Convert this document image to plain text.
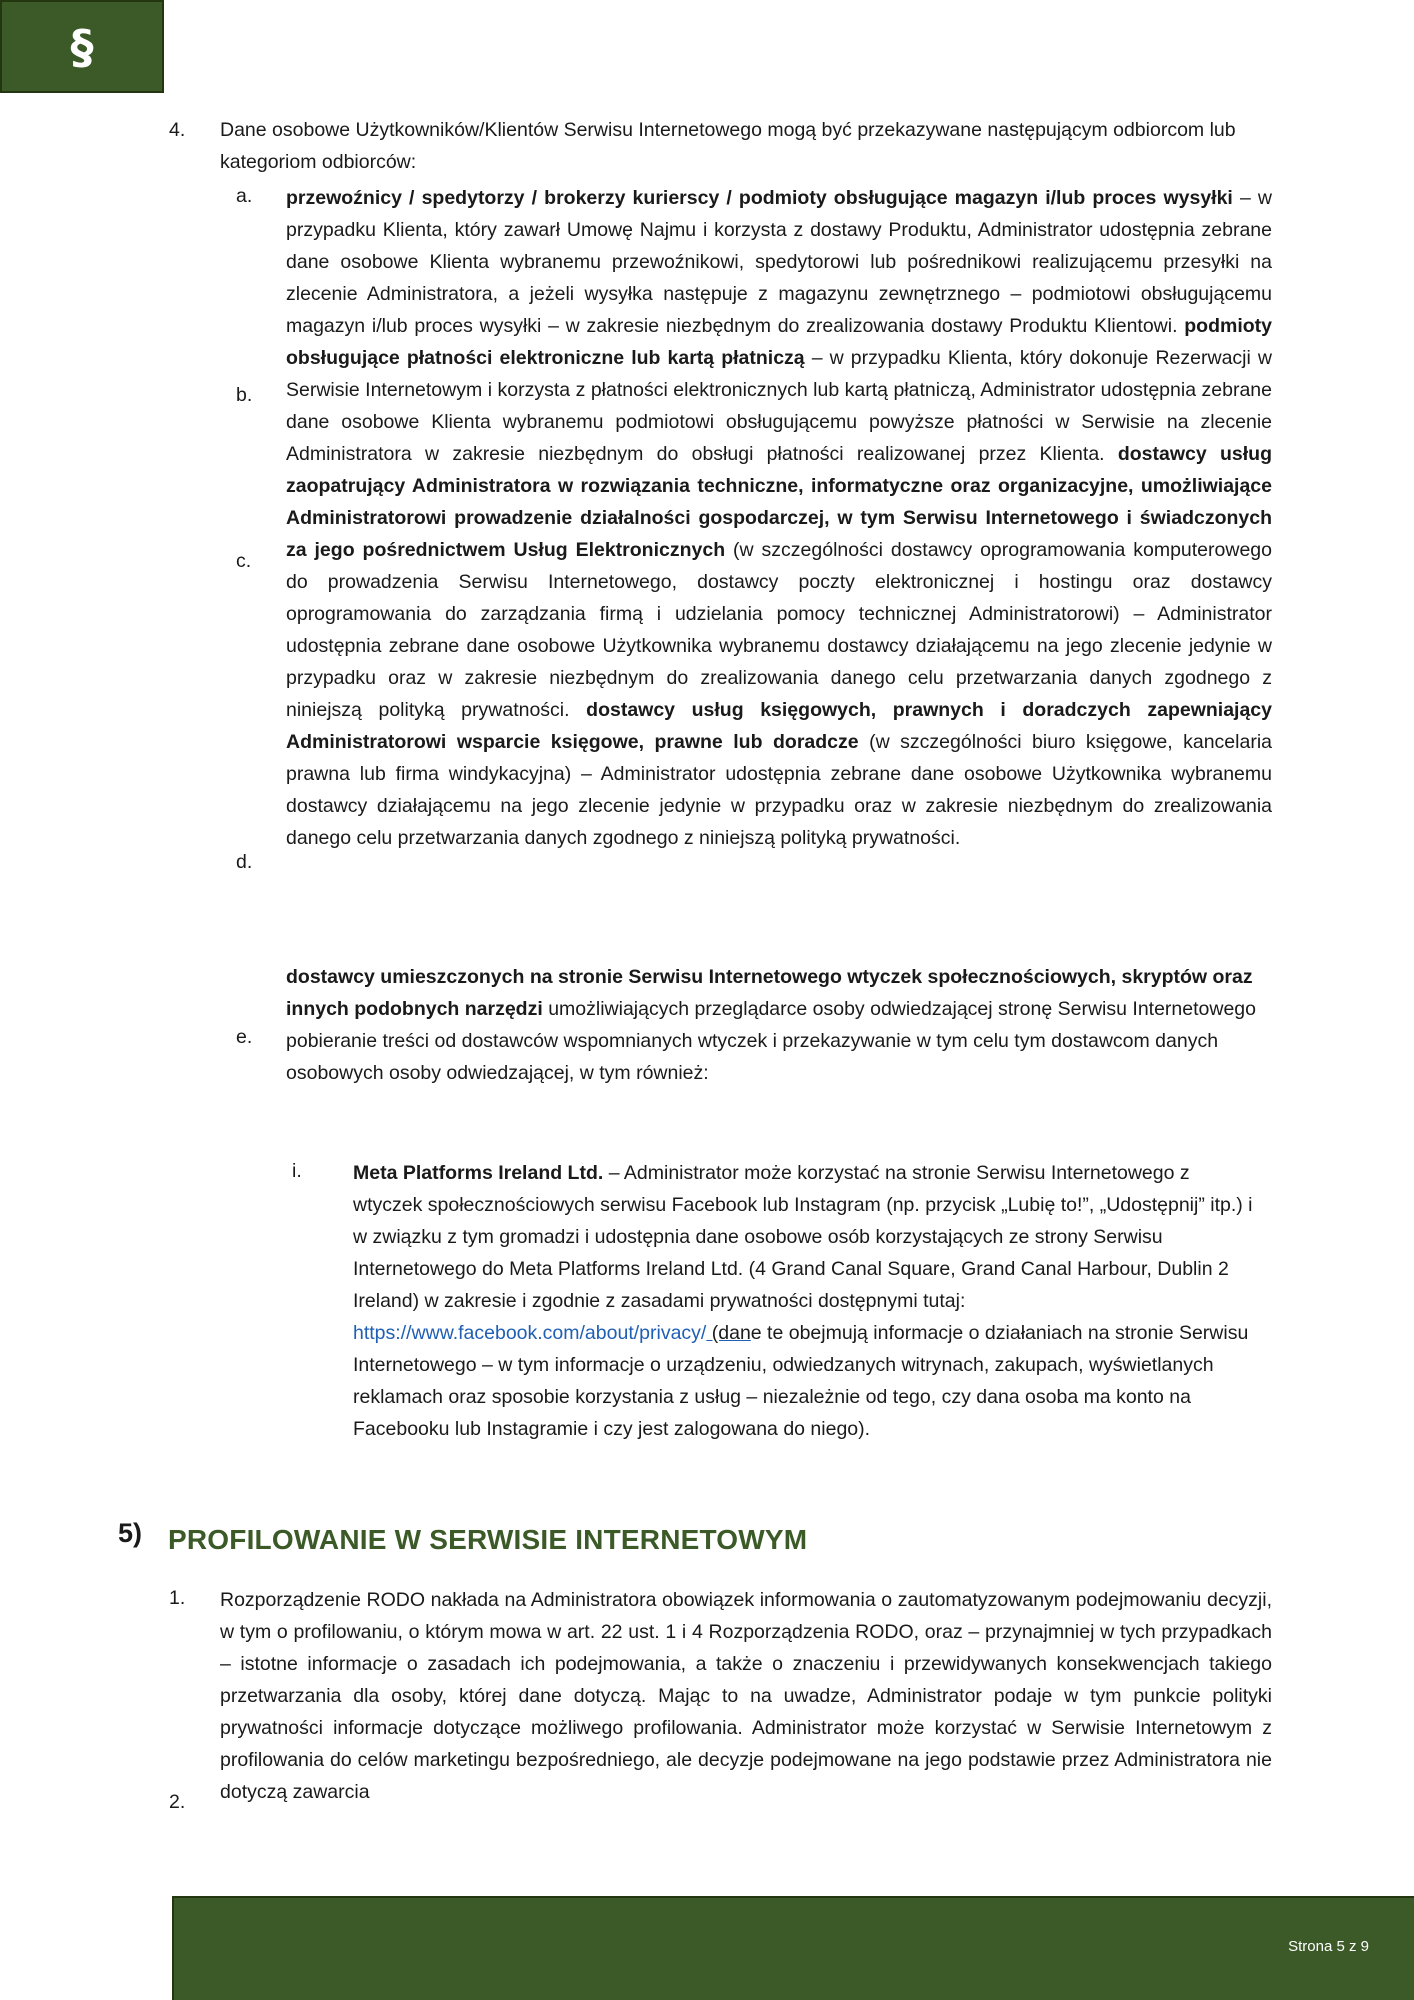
§
4. Dane osobowe Użytkowników/Klientów Serwisu Internetowego mogą być przekazywane następującym odbiorcom lub kategoriom odbiorców:
a.
b.
c.
d.
e.
przewoźnicy / spedytorzy / brokerzy kurierscy / podmioty obsługujące magazyn i/lub proces wysyłki – w przypadku Klienta, który zawarł Umowę Najmu i korzysta z dostawy Produktu, Administrator udostępnia zebrane dane osobowe Klienta wybranemu przewoźnikowi, spedytorowi lub pośrednikowi realizującemu przesyłki na zlecenie Administratora, a jeżeli wysyłka następuje z magazynu zewnętrznego – podmiotowi obsługującemu magazyn i/lub proces wysyłki – w zakresie niezbędnym do zrealizowania dostawy Produktu Klientowi. podmioty obsługujące płatności elektroniczne lub kartą płatniczą – w przypadku Klienta, który dokonuje Rezerwacji w Serwisie Internetowym i korzysta z płatności elektronicznych lub kartą płatniczą, Administrator udostępnia zebrane dane osobowe Klienta wybranemu podmiotowi obsługującemu powyższe płatności w Serwisie na zlecenie Administratora w zakresie niezbędnym do obsługi płatności realizowanej przez Klienta. dostawcy usług zaopatrujący Administratora w rozwiązania techniczne, informatyczne oraz organizacyjne, umożliwiające Administratorowi prowadzenie działalności gospodarczej, w tym Serwisu Internetowego i świadczonych za jego pośrednictwem Usług Elektronicznych (w szczególności dostawcy oprogramowania komputerowego do prowadzenia Serwisu Internetowego, dostawcy poczty elektronicznej i hostingu oraz dostawcy oprogramowania do zarządzania firmą i udzielania pomocy technicznej Administratorowi) – Administrator udostępnia zebrane dane osobowe Użytkownika wybranemu dostawcy działającemu na jego zlecenie jedynie w przypadku oraz w zakresie niezbędnym do zrealizowania danego celu przetwarzania danych zgodnego z niniejszą polityką prywatności. dostawcy usług księgowych, prawnych i doradczych zapewniający Administratorowi wsparcie księgowe, prawne lub doradcze (w szczególności biuro księgowe, kancelaria prawna lub firma windykacyjna) – Administrator udostępnia zebrane dane osobowe Użytkownika wybranemu dostawcy działającemu na jego zlecenie jedynie w przypadku oraz w zakresie niezbędnym do zrealizowania danego celu przetwarzania danych zgodnego z niniejszą polityką prywatności.
dostawcy umieszczonych na stronie Serwisu Internetowego wtyczek społecznościowych, skryptów oraz innych podobnych narzędzi umożliwiających przeglądarce osoby odwiedzającej stronę Serwisu Internetowego pobieranie treści od dostawców wspomnianych wtyczek i przekazywanie w tym celu tym dostawcom danych osobowych osoby odwiedzającej, w tym również:
i.	Meta Platforms Ireland Ltd. – Administrator może korzystać na stronie Serwisu Internetowego z wtyczek społecznościowych serwisu Facebook lub Instagram (np. przycisk „Lubię to!”, „Udostępnij” itp.) i w związku z tym gromadzi i udostępnia dane osobowe osób korzystających ze strony Serwisu Internetowego do Meta Platforms Ireland Ltd. (4 Grand Canal Square, Grand Canal Harbour, Dublin 2 Ireland) w zakresie i zgodnie z zasadami prywatności dostępnymi tutaj: https://www.facebook.com/about/privacy/ (dane te obejmują informacje o działaniach na stronie Serwisu Internetowego – w tym informacje o urządzeniu, odwiedzanych witrynach, zakupach, wyświetlanych reklamach oraz sposobie korzystania z usług – niezależnie od tego, czy dana osoba ma konto na Facebooku lub Instagramie i czy jest zalogowana do niego).
5) PROFILOWANIE W SERWISIE INTERNETOWYM
1.
2.
Rozporządzenie RODO nakłada na Administratora obowiązek informowania o zautomatyzowanym podejmowaniu decyzji, w tym o profilowaniu, o którym mowa w art. 22 ust. 1 i 4 Rozporządzenia RODO, oraz – przynajmniej w tych przypadkach – istotne informacje o zasadach ich podejmowania, a także o znaczeniu i przewidywanych konsekwencjach takiego przetwarzania dla osoby, której dane dotyczą. Mając to na uwadze, Administrator podaje w tym punkcie polityki prywatności informacje dotyczące możliwego profilowania. Administrator może korzystać w Serwisie Internetowym z profilowania do celów marketingu bezpośredniego, ale decyzje podejmowane na jego podstawie przez Administratora nie dotyczą zawarcia
Strona 5 z 9
